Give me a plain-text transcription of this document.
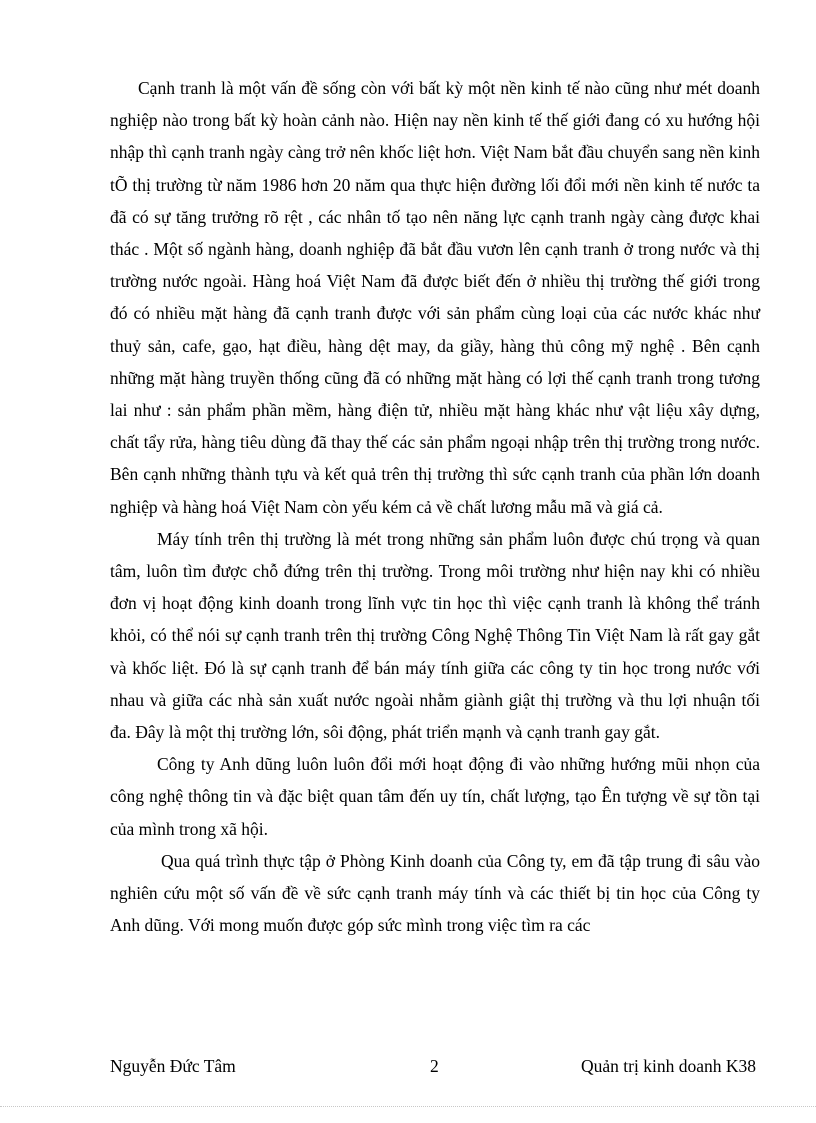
Cạnh tranh là một vấn đề sống còn với bất kỳ một nền kinh tế nào cũng như mét doanh nghiệp nào trong bất kỳ hoàn cảnh nào. Hiện nay nền kinh tế thế giới đang có xu hướng hội nhập thì cạnh tranh ngày càng trở nên khốc liệt hơn. Việt Nam bắt đầu chuyển sang nền kinh tÕ thị trường từ năm 1986 hơn 20 năm qua thực hiện đường lối đổi mới nền kinh tế nước ta đã có sự tăng trưởng rõ rệt , các nhân tố tạo nên năng lực cạnh tranh ngày càng được khai thác . Một số ngành hàng, doanh nghiệp đã bắt đầu vươn lên cạnh tranh ở trong nước và thị trường nước ngoài. Hàng hoá Việt Nam đã được biết đến ở nhiều thị trường thế giới trong đó có nhiều mặt hàng đã cạnh tranh được với sản phẩm cùng loại của các nước khác như thuỷ sản, cafe, gạo, hạt điều, hàng dệt may, da giầy, hàng thủ công mỹ nghệ . Bên cạnh những mặt hàng truyền thống cũng đã có những mặt hàng có lợi thế cạnh tranh trong tương lai như : sản phẩm phần mềm, hàng điện tử, nhiều mặt hàng khác như vật liệu xây dựng, chất tẩy rửa, hàng tiêu dùng đã thay thế các sản phẩm ngoại nhập trên thị trường trong nước. Bên cạnh những thành tựu và kết quả trên thị trường thì sức cạnh tranh của phần lớn doanh nghiệp và hàng hoá Việt Nam còn yếu kém cả về chất lương mẫu mã và giá cả.

Máy tính trên thị trường là mét trong những sản phẩm luôn được chú trọng và quan tâm, luôn tìm được chỗ đứng trên thị trường. Trong môi trường như hiện nay khi có nhiều đơn vị hoạt động kinh doanh trong lĩnh vực tin học thì việc cạnh tranh là không thể tránh khỏi, có thể nói sự cạnh tranh trên thị trường Công Nghệ Thông Tin Việt Nam là rất gay gắt và khốc liệt. Đó là sự cạnh tranh để bán máy tính giữa các công ty tin học trong nước với nhau và giữa các nhà sản xuất nước ngoài nhằm giành giật thị trường và thu lợi nhuận tối đa. Đây là một thị trường lớn, sôi động, phát triển mạnh và cạnh tranh gay gắt.

Công ty Anh dũng luôn luôn đổi mới hoạt động đi vào những hướng mũi nhọn của công nghệ thông tin và đặc biệt quan tâm đến uy tín, chất lượng, tạo Ên tượng về sự tồn tại của mình trong xã hội.

Qua quá trình thực tập ở Phòng Kinh doanh của Công ty, em đã tập trung đi sâu vào nghiên cứu một số vấn đề về sức cạnh tranh máy tính và các thiết bị tin học của Công ty Anh dũng. Với mong muốn được góp sức mình trong việc tìm ra các

Nguyễn Đức Tâm	2	Quản trị kinh doanh K38
